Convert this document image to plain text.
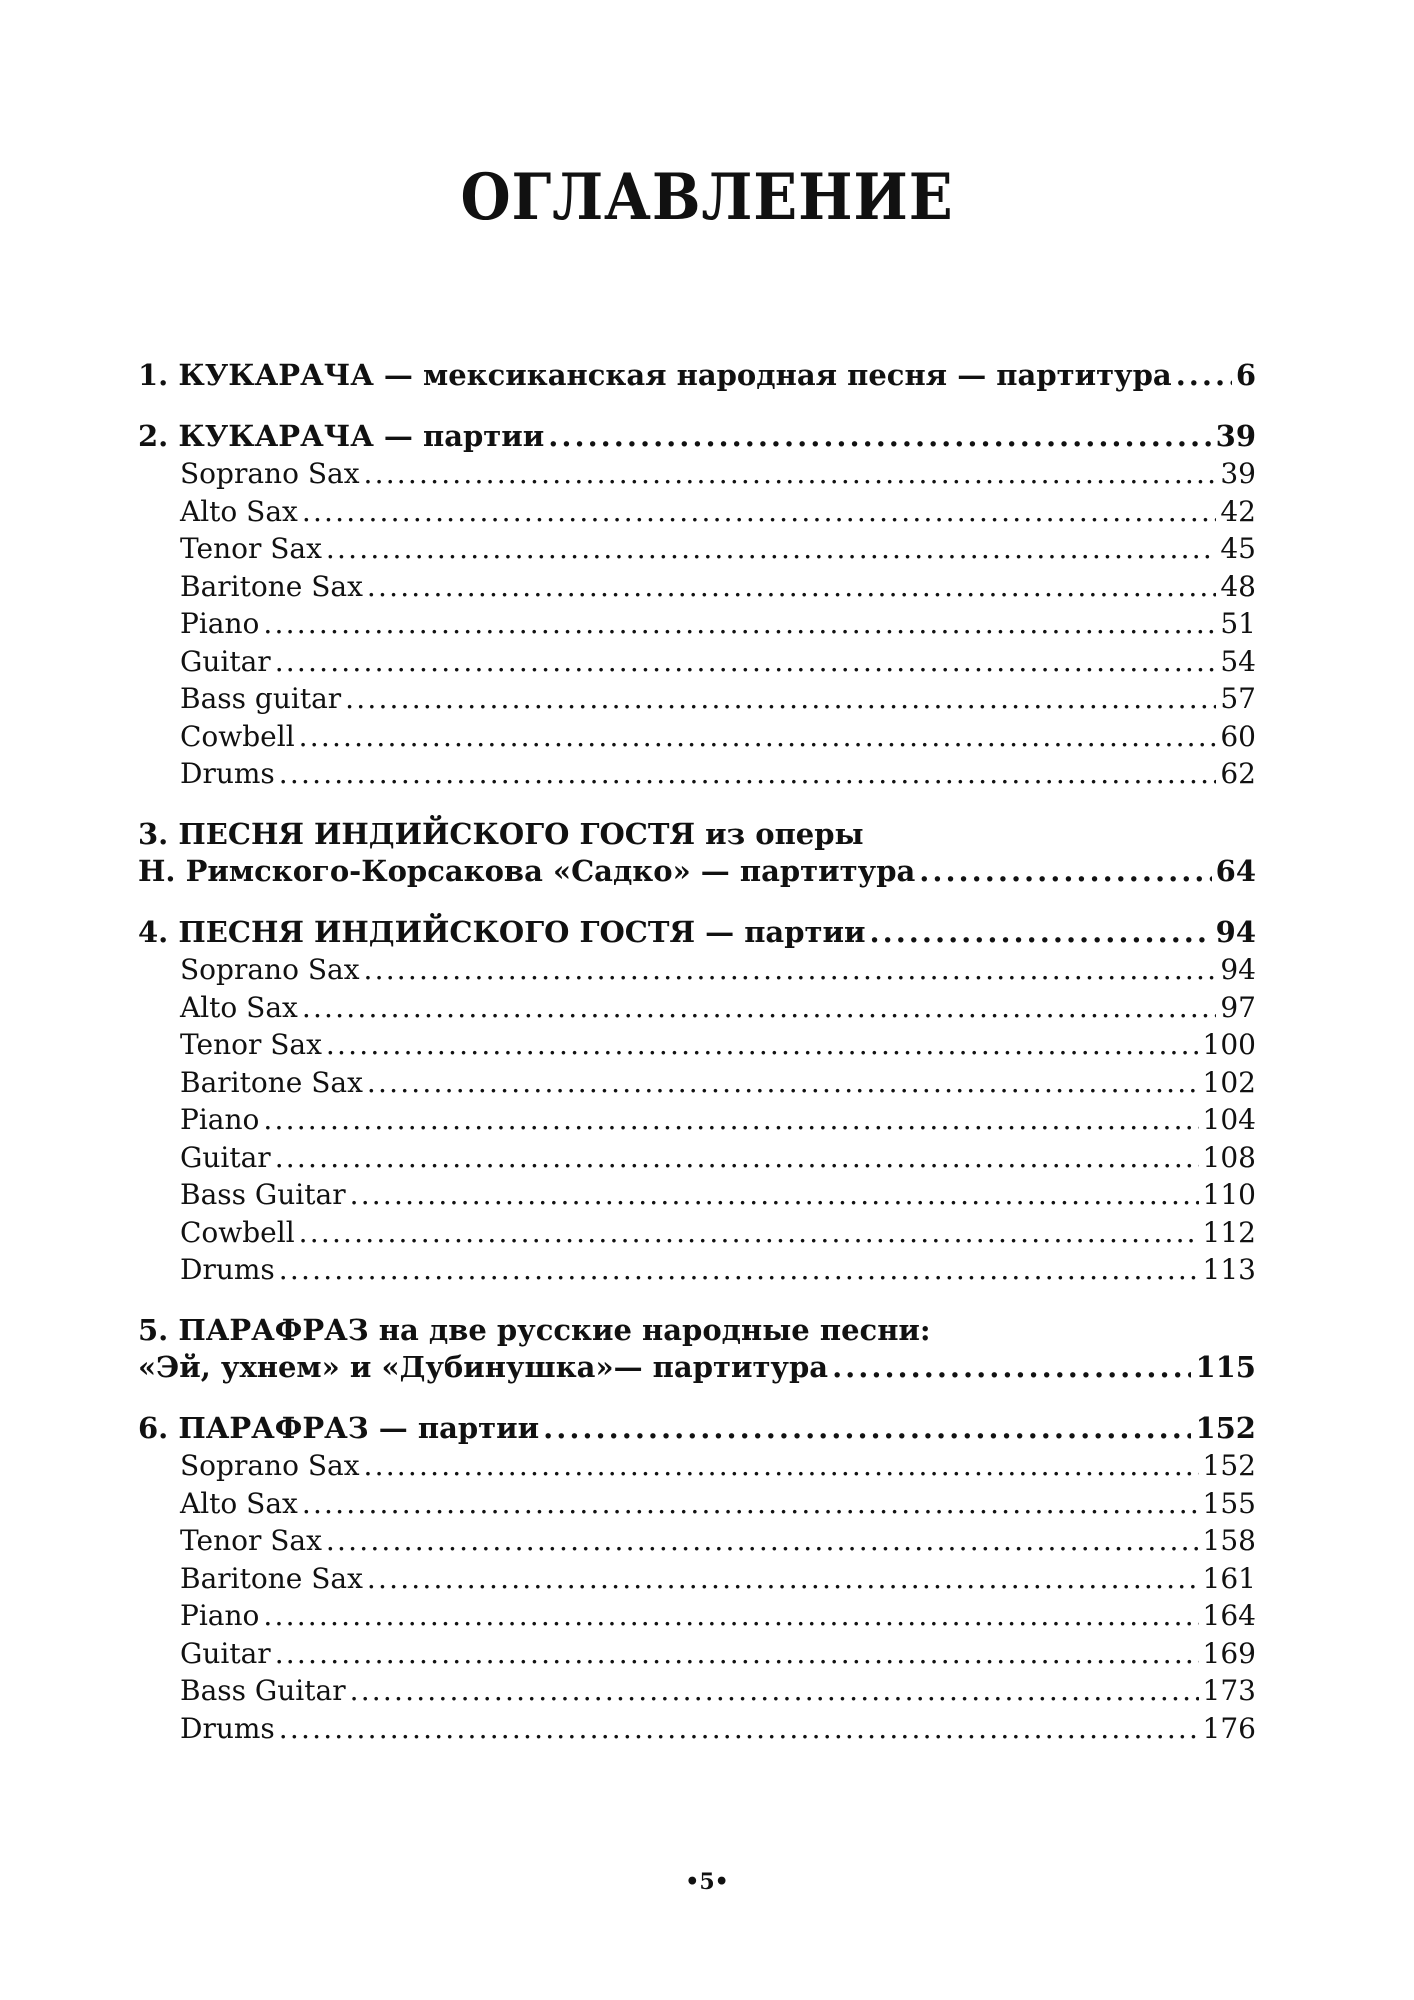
ОГЛАВЛЕНИЕ
1. КУКАРАЧА — мексиканская народная песня — партитура ..... 6
2. КУКАРАЧА — партии .....	39
Soprano Sax .....	39
Alto Sax .....	42
Tenor Sax .....	45
Baritone Sax .....	48
Piano .....	51
Guitar .....	54
Bass guitar .....	57
Cowbell .....	60
Drums .....	62
3. ПЕСНЯ ИНДИЙСКОГО ГОСТЯ из оперы
Н. Римского-Корсакова «Садко» — партитура .....	64
4. ПЕСНЯ ИНДИЙСКОГО ГОСТЯ — партии .....	94
Soprano Sax .....	94
Alto Sax .....	97
Tenor Sax .....	100
Baritone Sax .....	102
Piano .....	104
Guitar .....	108
Bass Guitar .....	110
Cowbell .....	112
Drums .....	113
5. ПАРАФРАЗ на две русские народные песни:
«Эй, ухнем» и «Дубинушка»— партитура .....	115
6. ПАРАФРАЗ — партии .....	152
Soprano Sax .....	152
Alto Sax .....	155
Tenor Sax .....	158
Baritone Sax .....	161
Piano .....	164
Guitar .....	169
Bass Guitar .....	173
Drums .....	176
•5•
